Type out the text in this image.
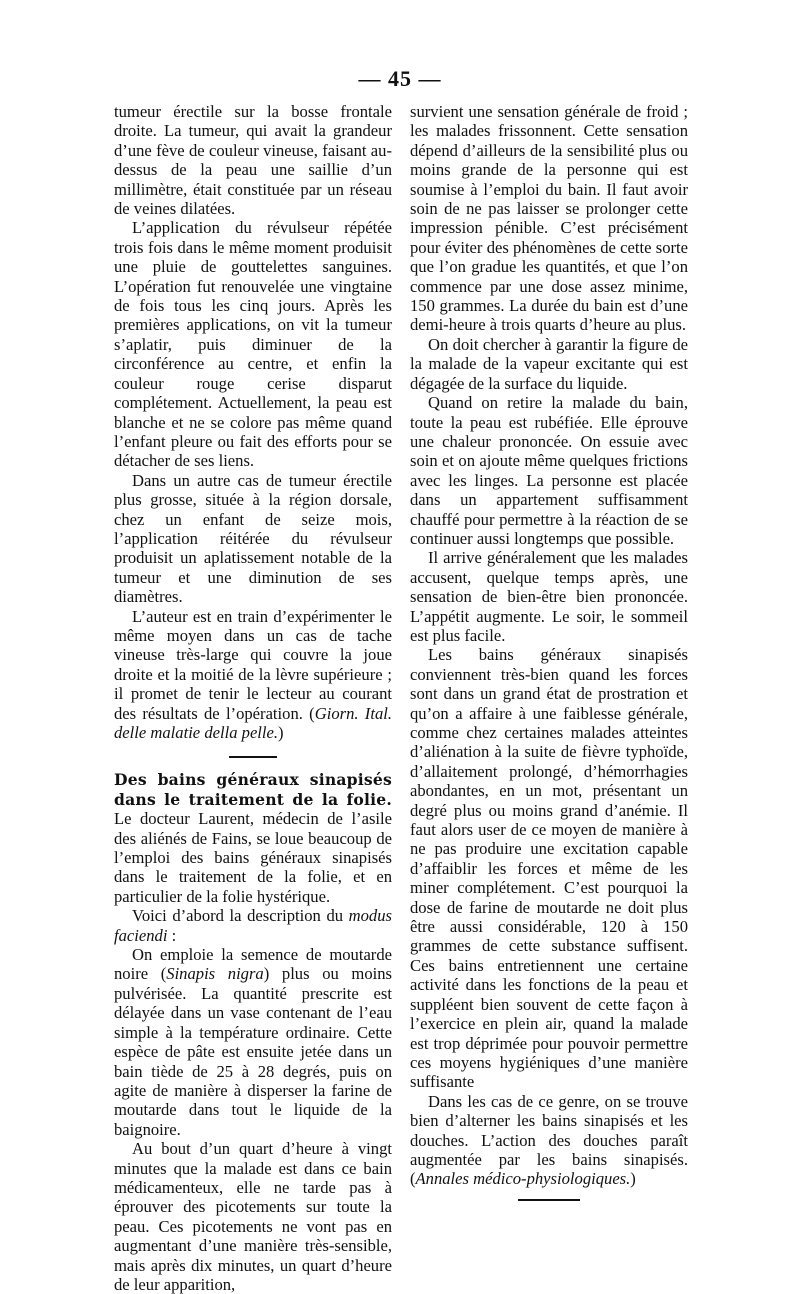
— 45 —

tumeur érectile sur la bosse frontale droite. La tumeur, qui avait la grandeur d’une fève de couleur vineuse, faisant au-dessus de la peau une saillie d’un millimètre, était constituée par un réseau de veines dilatées.

L’application du révulseur répétée trois fois dans le même moment produisit une pluie de gouttelettes sanguines. L’opération fut renouvelée une vingtaine de fois tous les cinq jours. Après les premières applications, on vit la tumeur s’aplatir, puis diminuer de la circonférence au centre, et enfin la couleur rouge cerise disparut complétement. Actuellement, la peau est blanche et ne se colore pas même quand l’enfant pleure ou fait des efforts pour se détacher de ses liens.

Dans un autre cas de tumeur érectile plus grosse, située à la région dorsale, chez un enfant de seize mois, l’application réitérée du révulseur produisit un aplatissement notable de la tumeur et une diminution de ses diamètres.

L’auteur est en train d’expérimenter le même moyen dans un cas de tache vineuse très-large qui couvre la joue droite et la moitié de la lèvre supérieure ; il promet de tenir le lecteur au courant des résultats de l’opération. (Giorn. Ital. delle malatie della pelle.)

Des bains généraux sinapisés dans le traitement de la folie. Le docteur Laurent, médecin de l’asile des aliénés de Fains, se loue beaucoup de l’emploi des bains généraux sinapisés dans le traitement de la folie, et en particulier de la folie hystérique.

Voici d’abord la description du modus faciendi :

On emploie la semence de moutarde noire (Sinapis nigra) plus ou moins pulvérisée. La quantité prescrite est délayée dans un vase contenant de l’eau simple à la température ordinaire. Cette espèce de pâte est ensuite jetée dans un bain tiède de 25 à 28 degrés, puis on agite de manière à disperser la farine de moutarde dans tout le liquide de la baignoire.

Au bout d’un quart d’heure à vingt minutes que la malade est dans ce bain médicamenteux, elle ne tarde pas à éprouver des picotements sur toute la peau. Ces picotements ne vont pas en augmentant d’une manière très-sensible, mais après dix minutes, un quart d’heure de leur apparition,

survient une sensation générale de froid ; les malades frissonnent. Cette sensation dépend d’ailleurs de la sensibilité plus ou moins grande de la personne qui est soumise à l’emploi du bain. Il faut avoir soin de ne pas laisser se prolonger cette impression pénible. C’est précisément pour éviter des phénomènes de cette sorte que l’on gradue les quantités, et que l’on commence par une dose assez minime, 150 grammes. La durée du bain est d’une demi-heure à trois quarts d’heure au plus.

On doit chercher à garantir la figure de la malade de la vapeur excitante qui est dégagée de la surface du liquide.

Quand on retire la malade du bain, toute la peau est rubéfiée. Elle éprouve une chaleur prononcée. On essuie avec soin et on ajoute même quelques frictions avec les linges. La personne est placée dans un appartement suffisamment chauffé pour permettre à la réaction de se continuer aussi longtemps que possible.

Il arrive généralement que les malades accusent, quelque temps après, une sensation de bien-être bien prononcée. L’appétit augmente. Le soir, le sommeil est plus facile.

Les bains généraux sinapisés conviennent très-bien quand les forces sont dans un grand état de prostration et qu’on a affaire à une faiblesse générale, comme chez certaines malades atteintes d’aliénation à la suite de fièvre typhoïde, d’allaitement prolongé, d’hémorrhagies abondantes, en un mot, présentant un degré plus ou moins grand d’anémie. Il faut alors user de ce moyen de manière à ne pas produire une excitation capable d’affaiblir les forces et même de les miner complétement. C’est pourquoi la dose de farine de moutarde ne doit plus être aussi considérable, 120 à 150 grammes de cette substance suffisent. Ces bains entretiennent une certaine activité dans les fonctions de la peau et suppléent bien souvent de cette façon à l’exercice en plein air, quand la malade est trop déprimée pour pouvoir permettre ces moyens hygiéniques d’une manière suffisante

Dans les cas de ce genre, on se trouve bien d’alterner les bains sinapisés et les douches. L’action des douches paraît augmentée par les bains sinapisés. (Annales médico-physiologiques.)
